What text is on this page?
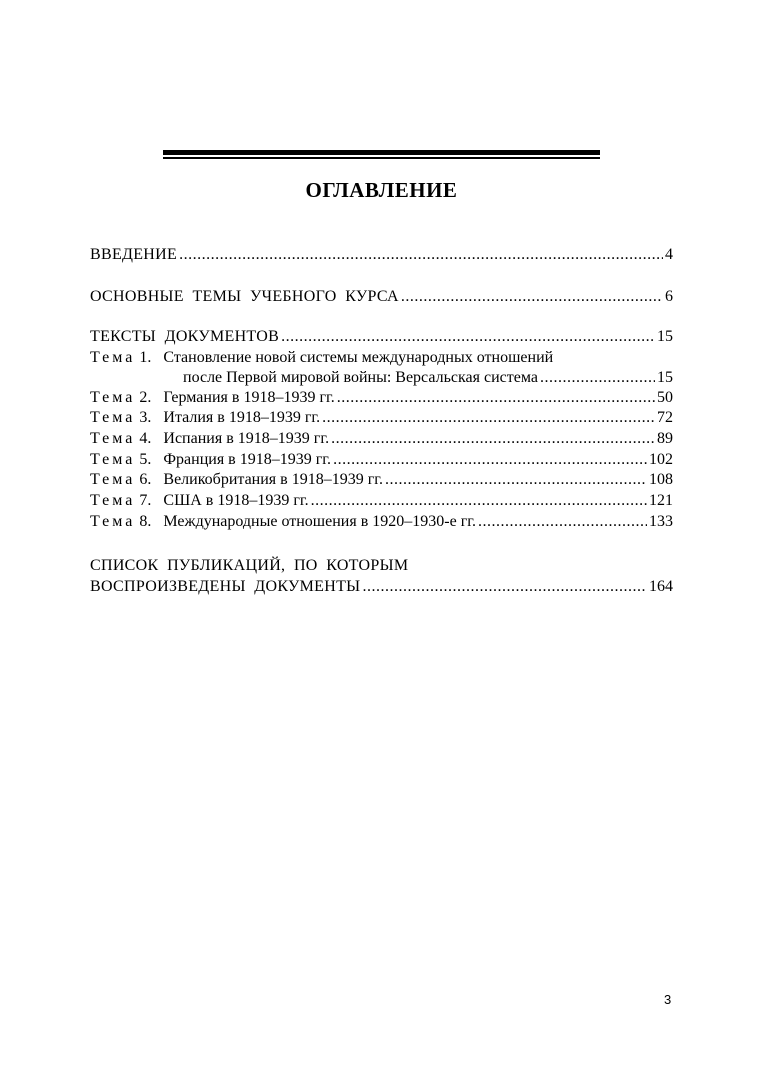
ОГЛАВЛЕНИЕ
ВВЕДЕНИЕ .....	4
ОСНОВНЫЕ  ТЕМЫ  УЧЕБНОГО  КУРСА .....	6
ТЕКСТЫ  ДОКУМЕНТОВ .....	15
Тема 1. Становление новой системы международных отношений
после Первой мировой войны: Версальская система .....	15
Тема 2. Германия в 1918–1939 гг. .....	50
Тема 3. Италия в 1918–1939 гг. .....	72
Тема 4. Испания в 1918–1939 гг. .....	89
Тема 5. Франция в 1918–1939 гг. .....	102
Тема 6. Великобритания в 1918–1939 гг. .....	108
Тема 7. США в 1918–1939 гг. .....	121
Тема 8. Международные отношения в 1920–1930-е гг. .....	133
СПИСОК  ПУБЛИКАЦИЙ,  ПО  КОТОРЫМ
ВОСПРОИЗВЕДЕНЫ  ДОКУМЕНТЫ .....	164
3
